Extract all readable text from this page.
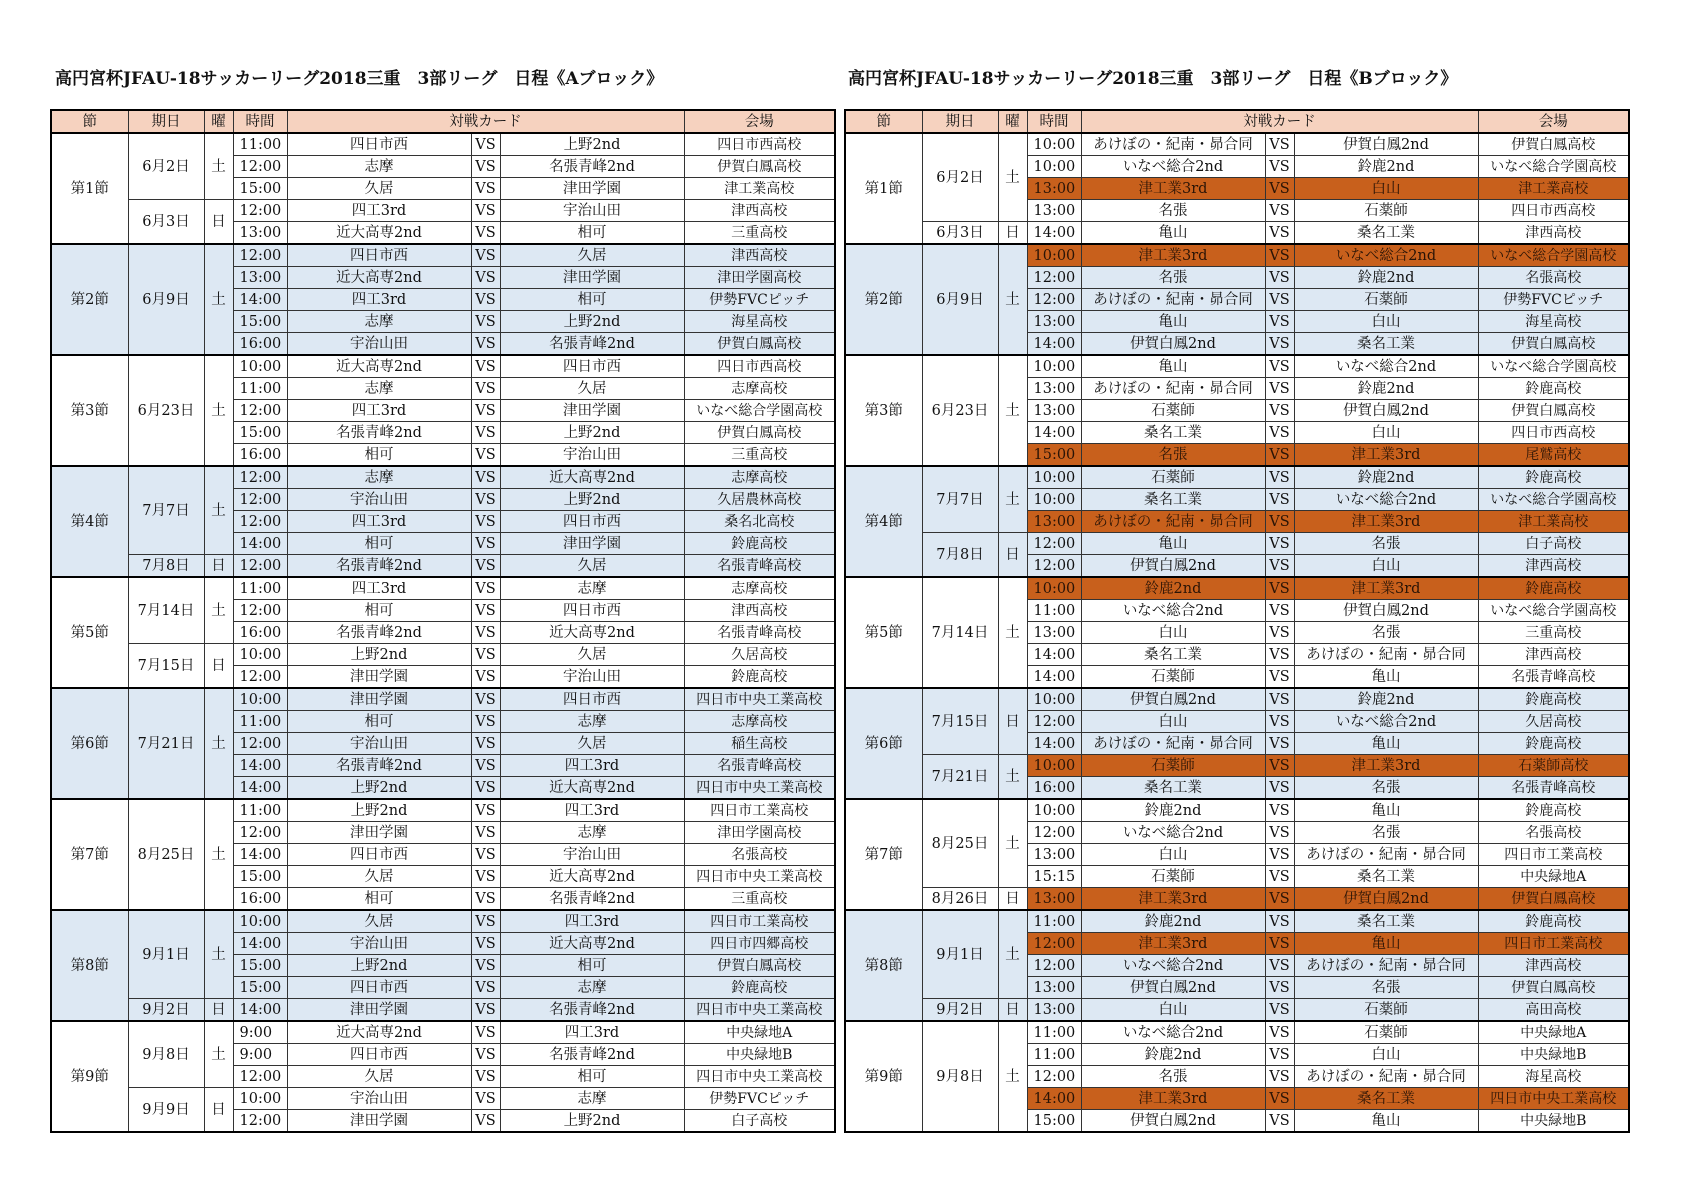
高円宮杯JFAU-18サッカーリーグ2018三重　3部リーグ　日程《Aブロック》	高円宮杯JFAU-18サッカーリーグ2018三重　3部リーグ　日程《Bブロック》
節	期日	曜	時間	対戦カード			会場
第1節	6月2日	土	11:00	四日市西	VS	上野2nd	四日市西高校
			12:00	志摩	VS	名張青峰2nd	伊賀白鳳高校
			15:00	久居	VS	津田学園	津工業高校
	6月3日	日	12:00	四工3rd	VS	宇治山田	津西高校
			13:00	近大高専2nd	VS	相可	三重高校
第2節	6月9日	土	12:00	四日市西	VS	久居	津西高校
			13:00	近大高専2nd	VS	津田学園	津田学園高校
			14:00	四工3rd	VS	相可	伊勢FVCピッチ
			15:00	志摩	VS	上野2nd	海星高校
			16:00	宇治山田	VS	名張青峰2nd	伊賀白鳳高校
第3節	6月23日	土	10:00	近大高専2nd	VS	四日市西	四日市西高校
			11:00	志摩	VS	久居	志摩高校
			12:00	四工3rd	VS	津田学園	いなべ総合学園高校
			15:00	名張青峰2nd	VS	上野2nd	伊賀白鳳高校
			16:00	相可	VS	宇治山田	三重高校
第4節	7月7日	土	12:00	志摩	VS	近大高専2nd	志摩高校
			12:00	宇治山田	VS	上野2nd	久居農林高校
			12:00	四工3rd	VS	四日市西	桑名北高校
			14:00	相可	VS	津田学園	鈴鹿高校
	7月8日	日	12:00	名張青峰2nd	VS	久居	名張青峰高校
第5節	7月14日	土	11:00	四工3rd	VS	志摩	志摩高校
			12:00	相可	VS	四日市西	津西高校
			16:00	名張青峰2nd	VS	近大高専2nd	名張青峰高校
	7月15日	日	10:00	上野2nd	VS	久居	久居高校
			12:00	津田学園	VS	宇治山田	鈴鹿高校
第6節	7月21日	土	10:00	津田学園	VS	四日市西	四日市中央工業高校
			11:00	相可	VS	志摩	志摩高校
			12:00	宇治山田	VS	久居	稲生高校
			14:00	名張青峰2nd	VS	四工3rd	名張青峰高校
			14:00	上野2nd	VS	近大高専2nd	四日市中央工業高校
第7節	8月25日	土	11:00	上野2nd	VS	四工3rd	四日市工業高校
			12:00	津田学園	VS	志摩	津田学園高校
			14:00	四日市西	VS	宇治山田	名張高校
			15:00	久居	VS	近大高専2nd	四日市中央工業高校
			16:00	相可	VS	名張青峰2nd	三重高校
第8節	9月1日	土	10:00	久居	VS	四工3rd	四日市工業高校
			14:00	宇治山田	VS	近大高専2nd	四日市四郷高校
			15:00	上野2nd	VS	相可	伊賀白鳳高校
			15:00	四日市西	VS	志摩	鈴鹿高校
	9月2日	日	14:00	津田学園	VS	名張青峰2nd	四日市中央工業高校
第9節	9月8日	土	9:00	近大高専2nd	VS	四工3rd	中央緑地A
			9:00	四日市西	VS	名張青峰2nd	中央緑地B
			12:00	久居	VS	相可	四日市中央工業高校
	9月9日	日	10:00	宇治山田	VS	志摩	伊勢FVCピッチ
			12:00	津田学園	VS	上野2nd	白子高校
節	期日	曜	時間	対戦カード			会場
第1節	6月2日	土	10:00	あけぼの・紀南・昴合同	VS	伊賀白鳳2nd	伊賀白鳳高校
			10:00	いなべ総合2nd	VS	鈴鹿2nd	いなべ総合学園高校
			13:00	津工業3rd	VS	白山	津工業高校
			13:00	名張	VS	石薬師	四日市西高校
	6月3日	日	14:00	亀山	VS	桑名工業	津西高校
第2節	6月9日	土	10:00	津工業3rd	VS	いなべ総合2nd	いなべ総合学園高校
			12:00	名張	VS	鈴鹿2nd	名張高校
			12:00	あけぼの・紀南・昴合同	VS	石薬師	伊勢FVCピッチ
			13:00	亀山	VS	白山	海星高校
			14:00	伊賀白鳳2nd	VS	桑名工業	伊賀白鳳高校
第3節	6月23日	土	10:00	亀山	VS	いなべ総合2nd	いなべ総合学園高校
			13:00	あけぼの・紀南・昴合同	VS	鈴鹿2nd	鈴鹿高校
			13:00	石薬師	VS	伊賀白鳳2nd	伊賀白鳳高校
			14:00	桑名工業	VS	白山	四日市西高校
			15:00	名張	VS	津工業3rd	尾鷲高校
第4節	7月7日	土	10:00	石薬師	VS	鈴鹿2nd	鈴鹿高校
			10:00	桑名工業	VS	いなべ総合2nd	いなべ総合学園高校
			13:00	あけぼの・紀南・昴合同	VS	津工業3rd	津工業高校
	7月8日	日	12:00	亀山	VS	名張	白子高校
			12:00	伊賀白鳳2nd	VS	白山	津西高校
第5節	7月14日	土	10:00	鈴鹿2nd	VS	津工業3rd	鈴鹿高校
			11:00	いなべ総合2nd	VS	伊賀白鳳2nd	いなべ総合学園高校
			13:00	白山	VS	名張	三重高校
			14:00	桑名工業	VS	あけぼの・紀南・昴合同	津西高校
			14:00	石薬師	VS	亀山	名張青峰高校
第6節	7月15日	日	10:00	伊賀白鳳2nd	VS	鈴鹿2nd	鈴鹿高校
			12:00	白山	VS	いなべ総合2nd	久居高校
			14:00	あけぼの・紀南・昴合同	VS	亀山	鈴鹿高校
	7月21日	土	10:00	石薬師	VS	津工業3rd	石薬師高校
			16:00	桑名工業	VS	名張	名張青峰高校
第7節	8月25日	土	10:00	鈴鹿2nd	VS	亀山	鈴鹿高校
			12:00	いなべ総合2nd	VS	名張	名張高校
			13:00	白山	VS	あけぼの・紀南・昴合同	四日市工業高校
			15:15	石薬師	VS	桑名工業	中央緑地A
	8月26日	日	13:00	津工業3rd	VS	伊賀白鳳2nd	伊賀白鳳高校
第8節	9月1日	土	11:00	鈴鹿2nd	VS	桑名工業	鈴鹿高校
			12:00	津工業3rd	VS	亀山	四日市工業高校
			12:00	いなべ総合2nd	VS	あけぼの・紀南・昴合同	津西高校
			13:00	伊賀白鳳2nd	VS	名張	伊賀白鳳高校
	9月2日	日	13:00	白山	VS	石薬師	高田高校
第9節	9月8日	土	11:00	いなべ総合2nd	VS	石薬師	中央緑地A
			11:00	鈴鹿2nd	VS	白山	中央緑地B
			12:00	名張	VS	あけぼの・紀南・昴合同	海星高校
			14:00	津工業3rd	VS	桑名工業	四日市中央工業高校
			15:00	伊賀白鳳2nd	VS	亀山	中央緑地B
